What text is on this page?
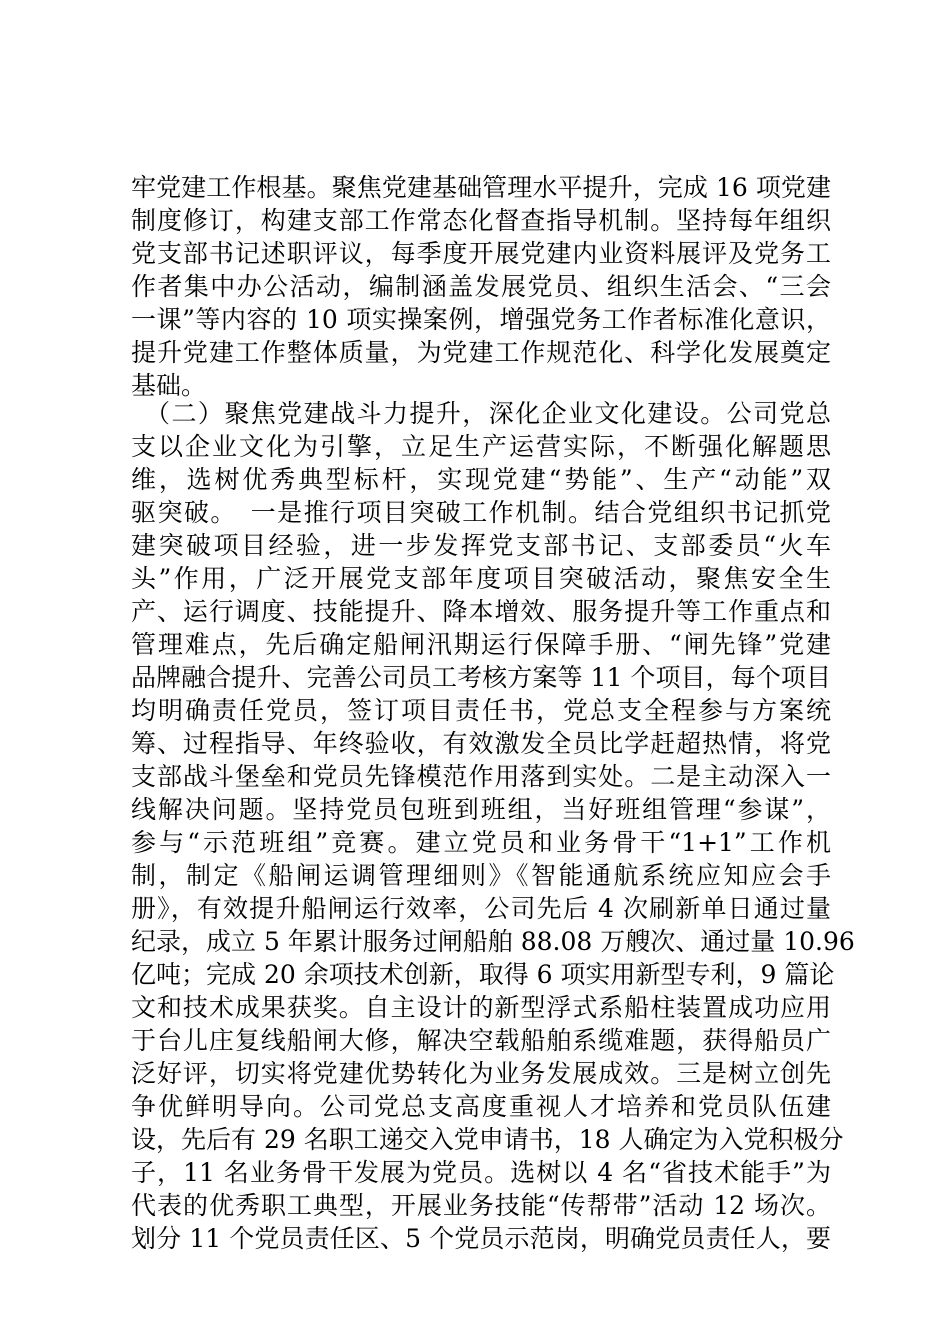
牢党建工作根基。聚焦党建基础管理水平提升，完成 16 项党建
制度修订，构建支部工作常态化督查指导机制。坚持每年组织
党支部书记述职评议，每季度开展党建内业资料展评及党务工
作者集中办公活动，编制涵盖发展党员、组织生活会、“三会
一课”等内容的 10 项实操案例，增强党务工作者标准化意识，
提升党建工作整体质量，为党建工作规范化、科学化发展奠定
基础。
（二）聚焦党建战斗力提升，深化企业文化建设。公司党总
支以企业文化为引擎，立足生产运营实际，不断强化解题思
维，选树优秀典型标杆，实现党建“势能”、生产“动能”双
驱突破。　一是推行项目突破工作机制。结合党组织书记抓党
建突破项目经验，进一步发挥党支部书记、支部委员“火车
头”作用，广泛开展党支部年度项目突破活动，聚焦安全生
产、运行调度、技能提升、降本增效、服务提升等工作重点和
管理难点，先后确定船闸汛期运行保障手册、“闸先锋”党建
品牌融合提升、完善公司员工考核方案等 11 个项目，每个项目
均明确责任党员，签订项目责任书，党总支全程参与方案统
筹、过程指导、年终验收，有效激发全员比学赶超热情，将党
支部战斗堡垒和党员先锋模范作用落到实处。二是主动深入一
线解决问题。坚持党员包班到班组，当好班组管理“参谋”，
参与“示范班组”竞赛。建立党员和业务骨干“1+1”工作机
制，制定《船闸运调管理细则》《智能通航系统应知应会手
册》，有效提升船闸运行效率，公司先后 4 次刷新单日通过量
纪录，成立 5 年累计服务过闸船舶 88.08 万艘次、通过量 10.96
亿吨；完成 20 余项技术创新，取得 6 项实用新型专利，9 篇论
文和技术成果获奖。自主设计的新型浮式系船柱装置成功应用
于台儿庄复线船闸大修，解决空载船舶系缆难题，获得船员广
泛好评，切实将党建优势转化为业务发展成效。三是树立创先
争优鲜明导向。公司党总支高度重视人才培养和党员队伍建
设，先后有 29 名职工递交入党申请书，18 人确定为入党积极分
子，11 名业务骨干发展为党员。选树以 4 名“省技术能手”为
代表的优秀职工典型，开展业务技能“传帮带”活动 12 场次。
划分 11 个党员责任区、5 个党员示范岗，明确党员责任人，要
